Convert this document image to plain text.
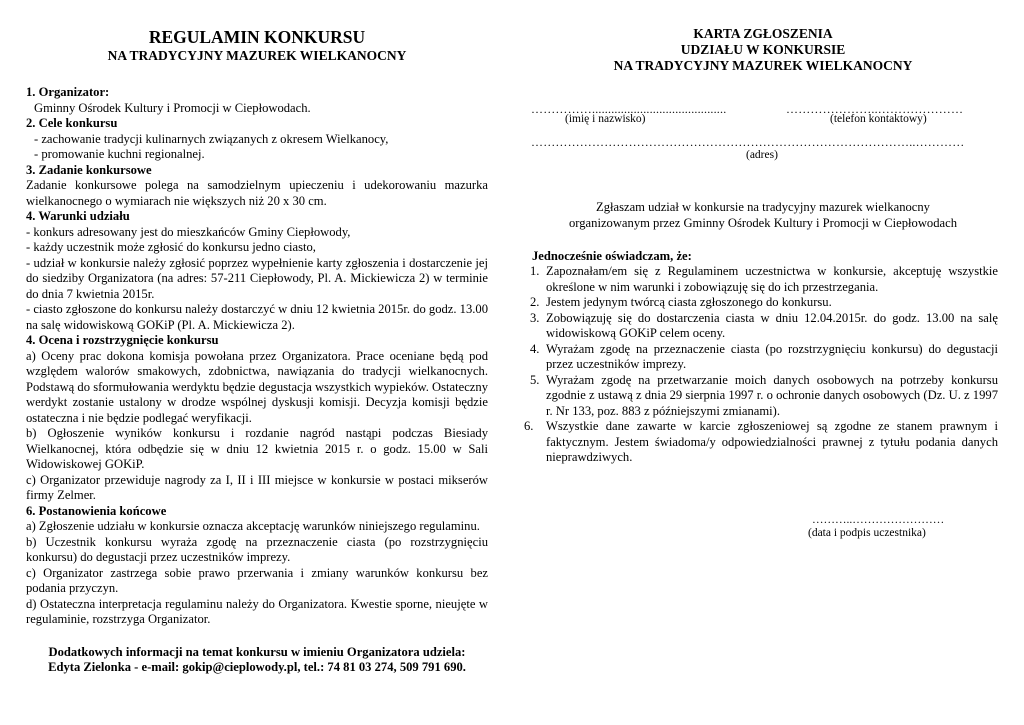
REGULAMIN KONKURSU
NA TRADYCYJNY MAZUREK WIELKANOCNY

1. Organizator:

Gminny Ośrodek Kultury i Promocji w Ciepłowodach.

2. Cele konkursu

- zachowanie tradycji kulinarnych związanych z okresem Wielkanocy,

- promowanie kuchni regionalnej.

3. Zadanie konkursowe

Zadanie konkursowe polega na samodzielnym upieczeniu i udekorowaniu mazurka wielkanocnego o wymiarach nie większych niż 20 x 30 cm.

4. Warunki udziału

- konkurs adresowany jest do mieszkańców Gminy Ciepłowody,

- każdy uczestnik może zgłosić do konkursu jedno ciasto,

- udział w konkursie należy zgłosić poprzez wypełnienie karty zgłoszenia i dostarczenie jej do siedziby Organizatora (na adres: 57-211 Ciepłowody, Pl. A. Mickiewicza 2) w terminie do dnia 7 kwietnia 2015r.

- ciasto zgłoszone do konkursu należy dostarczyć w dniu 12 kwietnia 2015r. do godz. 13.00 na salę widowiskową GOKiP (Pl. A. Mickiewicza 2).

4. Ocena i rozstrzygnięcie konkursu

a) Oceny prac dokona komisja powołana przez Organizatora. Prace oceniane będą pod względem walorów smakowych, zdobnictwa, nawiązania do tradycji wielkanocnych. Podstawą do sformułowania werdyktu będzie degustacja wszystkich wypieków. Ostateczny werdykt zostanie ustalony w drodze wspólnej dyskusji komisji. Decyzja komisji będzie ostateczna i nie będzie podlegać weryfikacji.

b) Ogłoszenie wyników konkursu i rozdanie nagród nastąpi podczas Biesiady Wielkanocnej, która odbędzie się w dniu 12 kwietnia 2015 r. o godz. 15.00 w Sali Widowiskowej GOKiP.

c) Organizator przewiduje nagrody za I, II i III miejsce w konkursie w postaci mikserów firmy Zelmer.

6. Postanowienia końcowe

a) Zgłoszenie udziału w konkursie oznacza akceptację warunków niniejszego regulaminu.

b) Uczestnik konkursu wyraża zgodę na przeznaczenie ciasta (po rozstrzygnięciu konkursu) do degustacji przez uczestników imprezy.

c) Organizator zastrzega sobie prawo przerwania i zmiany warunków konkursu bez podania przyczyn.

d) Ostateczna interpretacja regulaminu należy do Organizatora. Kwestie sporne, nieujęte w regulaminie, rozstrzyga Organizator.

Dodatkowych informacji na temat konkursu w imieniu Organizatora udziela:
Edyta Zielonka - e-mail: gokip@cieplowody.pl, tel.: 74 81 03 274, 509 791 690.
KARTA ZGŁOSZENIA
UDZIAŁU W KONKURSIE
NA TRADYCYJNY MAZUREK WIELKANOCNY
……………..........................................
(imię i nazwisko)
…………………..…………………
(telefon kontaktowy)
…………………………………………………………………………………..…………
(adres)
Zgłaszam udział w konkursie na tradycyjny mazurek wielkanocny
organizowanym przez Gminny Ośrodek Kultury i Promocji w Ciepłowodach
Jednocześnie oświadczam, że:
1. Zapoznałam/em się z Regulaminem uczestnictwa w konkursie, akceptuję wszystkie określone w nim warunki i zobowiązuję się do ich przestrzegania.
2. Jestem jedynym twórcą ciasta zgłoszonego do konkursu.
3. Zobowiązuję się do dostarczenia ciasta w dniu 12.04.2015r. do godz. 13.00 na salę widowiskową GOKiP celem oceny.
4. Wyrażam zgodę na przeznaczenie ciasta (po rozstrzygnięciu konkursu) do degustacji przez uczestników imprezy.
5. Wyrażam zgodę na przetwarzanie moich danych osobowych na potrzeby konkursu zgodnie z ustawą z dnia 29 sierpnia 1997 r. o ochronie danych osobowych (Dz. U. z 1997 r. Nr 133, poz. 883 z późniejszymi zmianami).
6. Wszystkie dane zawarte w karcie zgłoszeniowej są zgodne ze stanem prawnym i faktycznym. Jestem świadoma/y odpowiedzialności prawnej z tytułu podania danych nieprawdziwych.
………..……………………
(data i podpis uczestnika)
